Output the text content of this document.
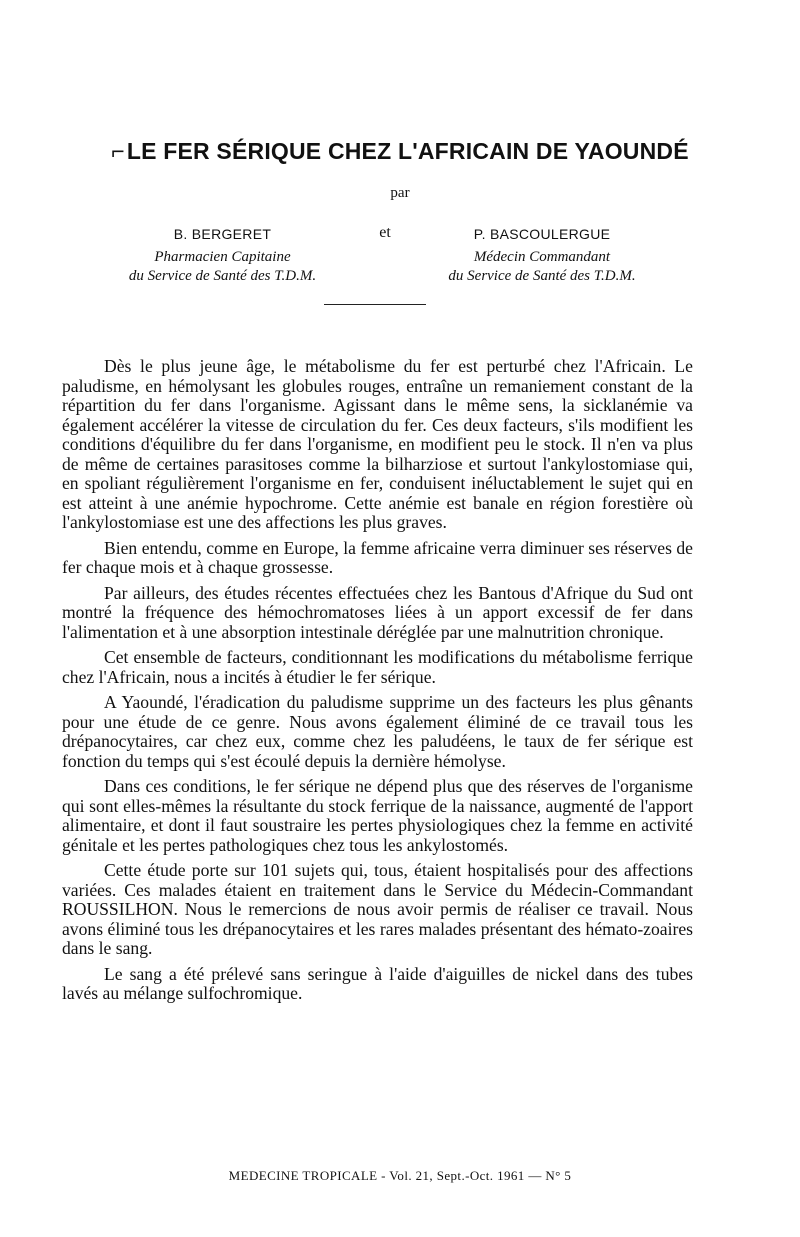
⌐LE FER SÉRIQUE CHEZ L'AFRICAIN DE YAOUNDÉ
par
B. BERGERET
Pharmacien Capitaine
du Service de Santé des T.D.M.
et	P. BASCOULERGUE
Médecin Commandant
du Service de Santé des T.D.M.

Dès le plus jeune âge, le métabolisme du fer est perturbé chez l'Africain. Le paludisme, en hémolysant les globules rouges, entraîne un remaniement constant de la répartition du fer dans l'organisme. Agissant dans le même sens, la sicklanémie va également accélérer la vitesse de circulation du fer. Ces deux facteurs, s'ils modifient les conditions d'équilibre du fer dans l'organisme, en modifient peu le stock. Il n'en va plus de même de certaines parasitoses comme la bilharziose et surtout l'ankylostomiase qui, en spoliant régulièrement l'organisme en fer, conduisent inéluctablement le sujet qui en est atteint à une anémie hypochrome. Cette anémie est banale en région forestière où l'ankylostomiase est une des affections les plus graves.

Bien entendu, comme en Europe, la femme africaine verra diminuer ses réserves de fer chaque mois et à chaque grossesse.

Par ailleurs, des études récentes effectuées chez les Bantous d'Afrique du Sud ont montré la fréquence des hémochromatoses liées à un apport excessif de fer dans l'alimentation et à une absorption intestinale déréglée par une malnutrition chronique.

Cet ensemble de facteurs, conditionnant les modifications du métabolisme ferrique chez l'Africain, nous a incités à étudier le fer sérique.

A Yaoundé, l'éradication du paludisme supprime un des facteurs les plus gênants pour une étude de ce genre. Nous avons également éliminé de ce travail tous les drépanocytaires, car chez eux, comme chez les paludéens, le taux de fer sérique est fonction du temps qui s'est écoulé depuis la dernière hémolyse.

Dans ces conditions, le fer sérique ne dépend plus que des réserves de l'organisme qui sont elles-mêmes la résultante du stock ferrique de la naissance, augmenté de l'apport alimentaire, et dont il faut soustraire les pertes physiologiques chez la femme en activité génitale et les pertes pathologiques chez tous les ankylostomés.

Cette étude porte sur 101 sujets qui, tous, étaient hospitalisés pour des affections variées. Ces malades étaient en traitement dans le Service du Médecin-Commandant ROUSSILHON. Nous le remercions de nous avoir permis de réaliser ce travail. Nous avons éliminé tous les drépanocytaires et les rares malades présentant des hémato-zoaires dans le sang.

Le sang a été prélevé sans seringue à l'aide d'aiguilles de nickel dans des tubes lavés au mélange sulfochromique.

MEDECINE TROPICALE - Vol. 21, Sept.-Oct. 1961 — N° 5
